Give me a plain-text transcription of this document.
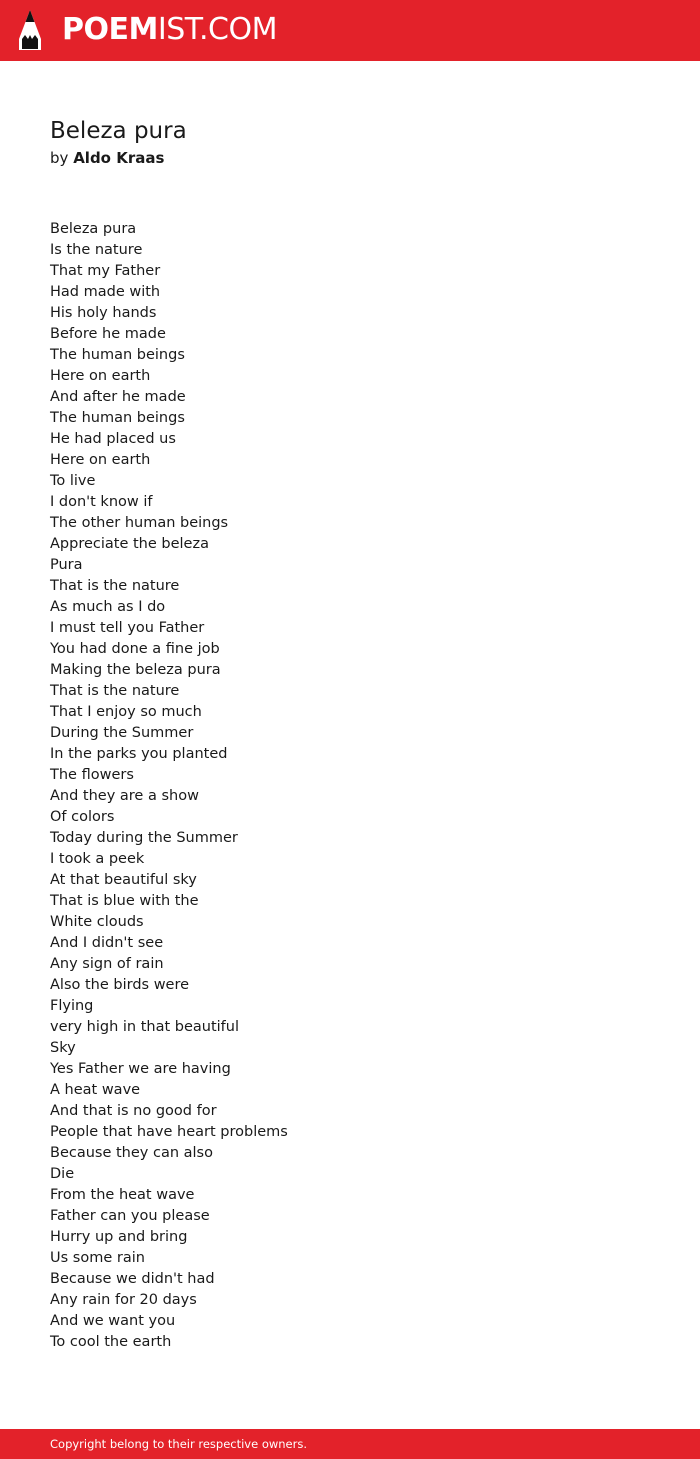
POEMIST.COM
Beleza pura
by Aldo Kraas
Beleza pura
Is the nature
That my Father
Had made with
His holy hands
Before he made
The human beings
Here on earth
And after he made
The human beings
He had placed us
Here on earth
To live
I don't know if
The other human beings
Appreciate the beleza
Pura
That is the nature
As much as I do
I must tell you Father
You had done a fine job
Making the beleza pura
That is the nature
That I enjoy so much
During the Summer
In the parks you planted
The flowers
And they are a show
Of colors
Today during the Summer
I took a peek
At that beautiful sky
That is blue with the
White clouds
And I didn't see
Any sign of rain
Also the birds were
Flying
very high in that beautiful
Sky
Yes Father we are having
A heat wave
And that is no good for
People that have heart problems
Because they can also
Die
From the heat wave
Father can you please
Hurry up and bring
Us some rain
Because we didn't had
Any rain for 20 days
And we want you
To cool the earth
Copyright belong to their respective owners.
